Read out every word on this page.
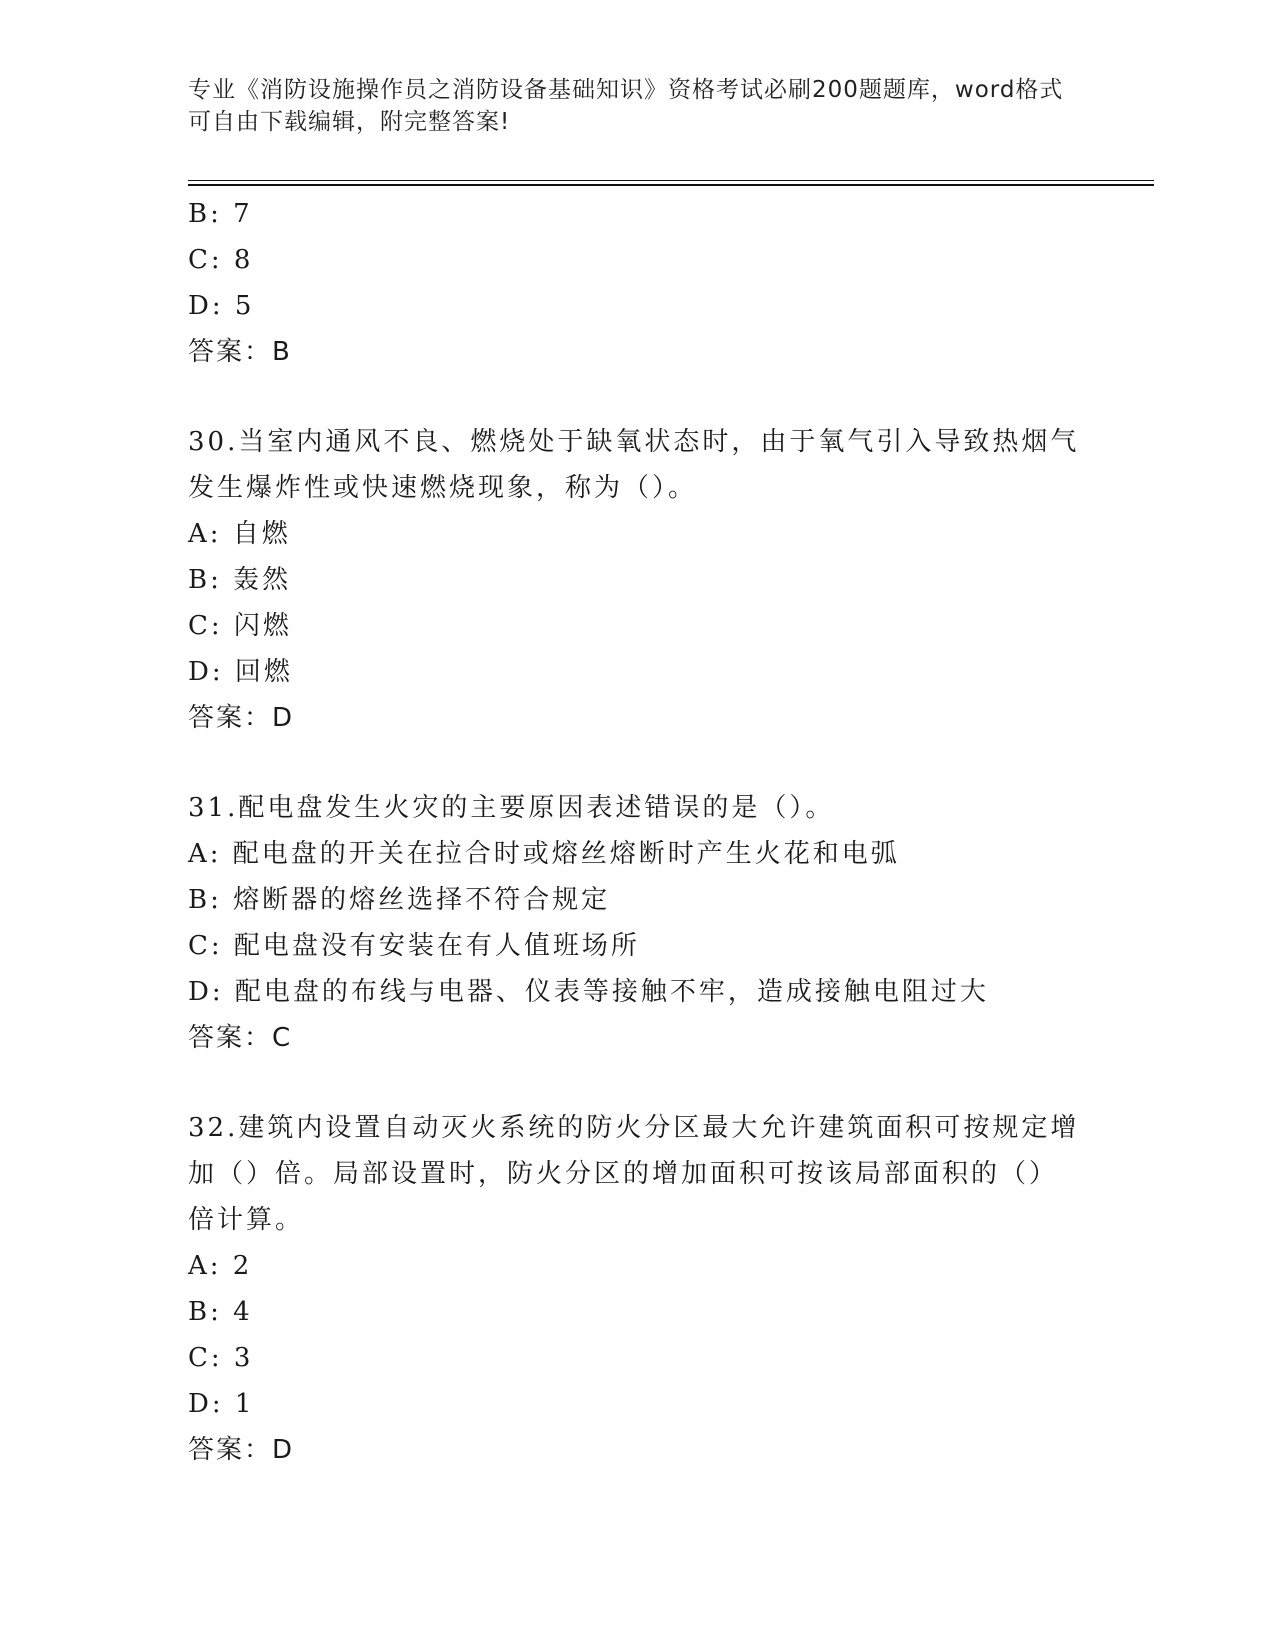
专业《消防设施操作员之消防设备基础知识》资格考试必刷200题题库，word格式可自由下载编辑，附完整答案!
B: 7
C: 8
D: 5
答案：B
30.当室内通风不良、燃烧处于缺氧状态时，由于氧气引入导致热烟气
发生爆炸性或快速燃烧现象，称为（）。
A: 自燃
B: 轰然
C: 闪燃
D: 回燃
答案：D
31.配电盘发生火灾的主要原因表述错误的是（）。
A: 配电盘的开关在拉合时或熔丝熔断时产生火花和电弧
B: 熔断器的熔丝选择不符合规定
C: 配电盘没有安装在有人值班场所
D: 配电盘的布线与电器、仪表等接触不牢，造成接触电阻过大
答案：C
32.建筑内设置自动灭火系统的防火分区最大允许建筑面积可按规定增
加（）倍。局部设置时，防火分区的增加面积可按该局部面积的（）
倍计算。
A: 2
B: 4
C: 3
D: 1
答案：D
